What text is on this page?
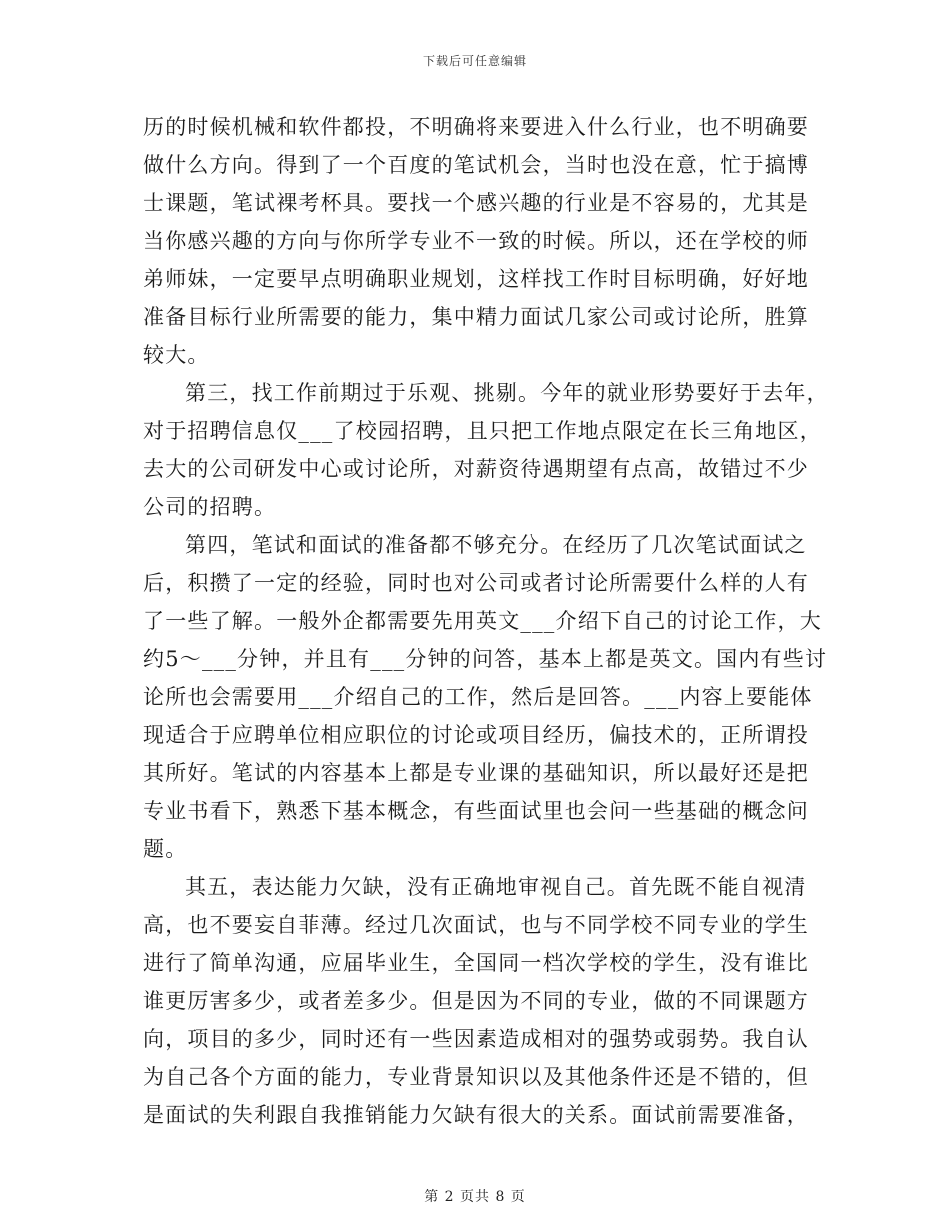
下载后可任意编辑
历的时候机械和软件都投，不明确将来要进入什么行业，也不明确要
做什么方向。得到了一个百度的笔试机会，当时也没在意，忙于搞博
士课题，笔试裸考杯具。要找一个感兴趣的行业是不容易的，尤其是
当你感兴趣的方向与你所学专业不一致的时候。所以，还在学校的师
弟师妹，一定要早点明确职业规划，这样找工作时目标明确，好好地
准备目标行业所需要的能力，集中精力面试几家公司或讨论所，胜算
较大。
第三，找工作前期过于乐观、挑剔。今年的就业形势要好于去年，
对于招聘信息仅___了校园招聘，且只把工作地点限定在长三角地区，
去大的公司研发中心或讨论所，对薪资待遇期望有点高，故错过不少
公司的招聘。
第四，笔试和面试的准备都不够充分。在经历了几次笔试面试之
后，积攒了一定的经验，同时也对公司或者讨论所需要什么样的人有
了一些了解。一般外企都需要先用英文___介绍下自己的讨论工作，大
约5～___分钟，并且有___分钟的问答，基本上都是英文。国内有些讨
论所也会需要用___介绍自己的工作，然后是回答。___内容上要能体
现适合于应聘单位相应职位的讨论或项目经历，偏技术的，正所谓投
其所好。笔试的内容基本上都是专业课的基础知识，所以最好还是把
专业书看下，熟悉下基本概念，有些面试里也会问一些基础的概念问
题。
其五，表达能力欠缺，没有正确地审视自己。首先既不能自视清
高，也不要妄自菲薄。经过几次面试，也与不同学校不同专业的学生
进行了简单沟通，应届毕业生，全国同一档次学校的学生，没有谁比
谁更厉害多少，或者差多少。但是因为不同的专业，做的不同课题方
向，项目的多少，同时还有一些因素造成相对的强势或弱势。我自认
为自己各个方面的能力，专业背景知识以及其他条件还是不错的，但
是面试的失利跟自我推销能力欠缺有很大的关系。面试前需要准备，
第 2 页共 8 页
